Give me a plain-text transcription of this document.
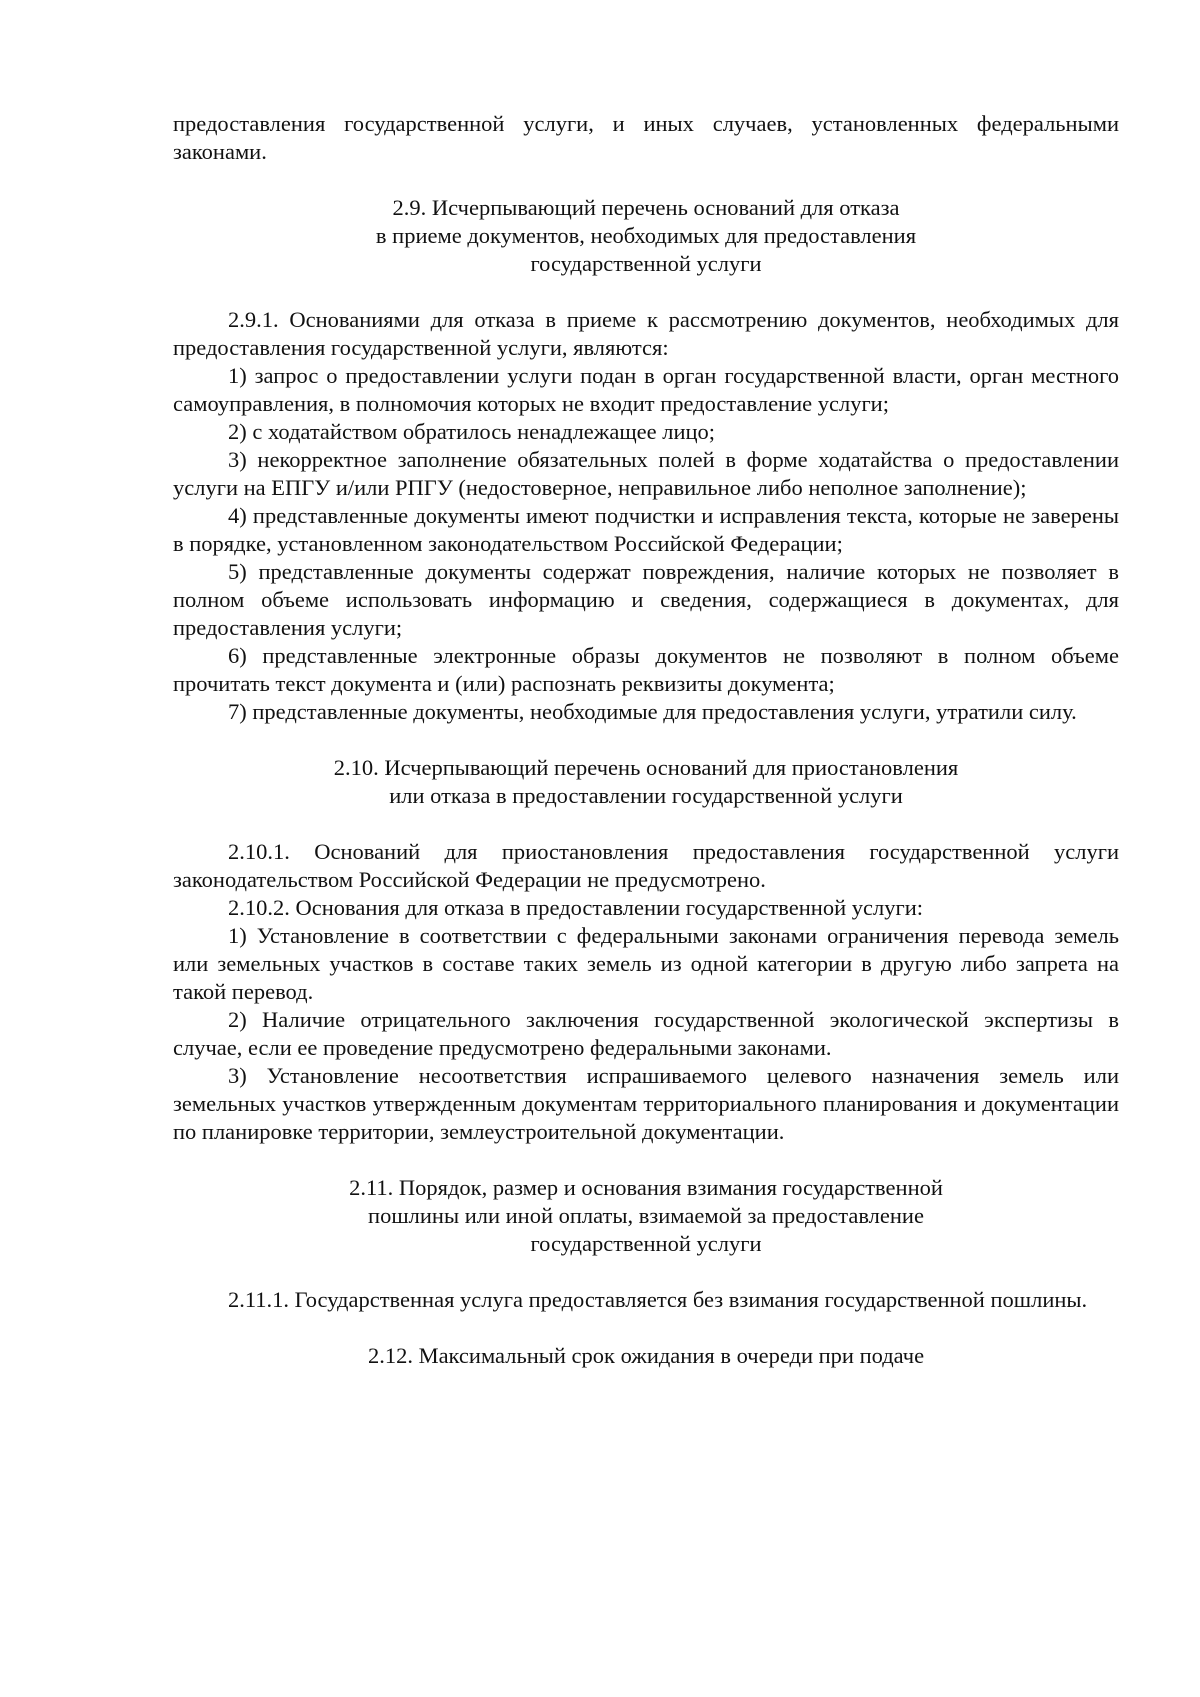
предоставления государственной услуги, и иных случаев, установленных федеральными законами.

2.9. Исчерпывающий перечень оснований для отказа
в приеме документов, необходимых для предоставления
государственной услуги

2.9.1. Основаниями для отказа в приеме к рассмотрению документов, необходимых для предоставления государственной услуги, являются:

1) запрос о предоставлении услуги подан в орган государственной власти, орган местного самоуправления, в полномочия которых не входит предоставление услуги;

2) с ходатайством обратилось ненадлежащее лицо;

3) некорректное заполнение обязательных полей в форме ходатайства о предоставлении услуги на ЕПГУ и/или РПГУ (недостоверное, неправильное либо неполное заполнение);

4) представленные документы имеют подчистки и исправления текста, которые не заверены в порядке, установленном законодательством Российской Федерации;

5) представленные документы содержат повреждения, наличие которых не позволяет в полном объеме использовать информацию и сведения, содержащиеся в документах, для предоставления услуги;

6) представленные электронные образы документов не позволяют в полном объеме прочитать текст документа и (или) распознать реквизиты документа;

7) представленные документы, необходимые для предоставления услуги, утратили силу.

2.10. Исчерпывающий перечень оснований для приостановления
или отказа в предоставлении государственной услуги

2.10.1. Оснований для приостановления предоставления государственной услуги законодательством Российской Федерации не предусмотрено.

2.10.2. Основания для отказа в предоставлении государственной услуги:

1) Установление в соответствии с федеральными законами ограничения перевода земель или земельных участков в составе таких земель из одной категории в другую либо запрета на такой перевод.

2) Наличие отрицательного заключения государственной экологической экспертизы в случае, если ее проведение предусмотрено федеральными законами.

3) Установление несоответствия испрашиваемого целевого назначения земель или земельных участков утвержденным документам территориального планирования и документации по планировке территории, землеустроительной документации.

2.11. Порядок, размер и основания взимания государственной
пошлины или иной оплаты, взимаемой за предоставление
государственной услуги

2.11.1. Государственная услуга предоставляется без взимания государственной пошлины.

2.12. Максимальный срок ожидания в очереди при подаче
